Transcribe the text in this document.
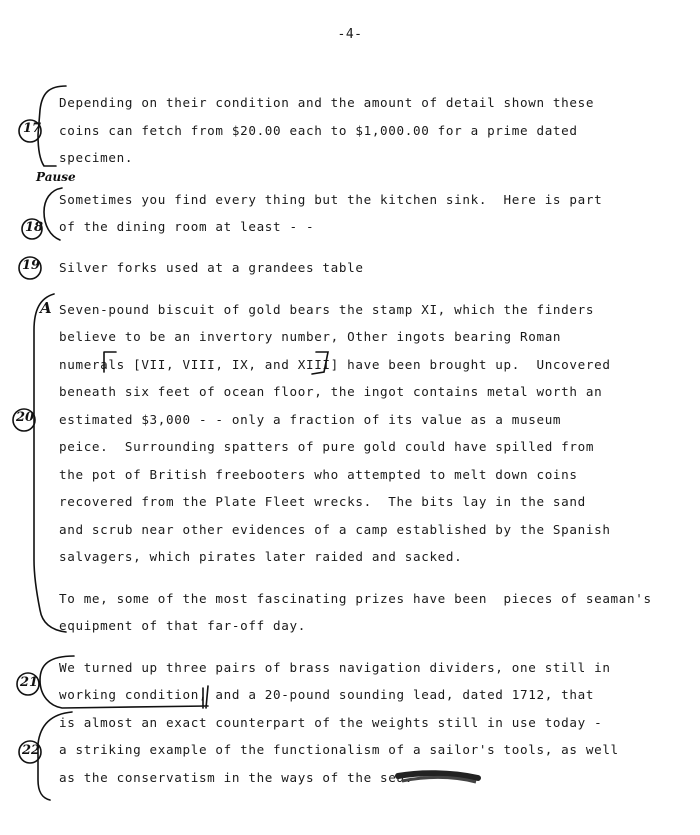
-4-
Depending on their condition and the amount of detail shown these
coins can fetch from $20.00 each to $1,000.00 for a prime dated
specimen.
Sometimes you find every thing but the kitchen sink.  Here is part
of the dining room at least - -
Silver forks used at a grandees table
Seven-pound biscuit of gold bears the stamp XI, which the finders
believe to be an invertory number, Other ingots bearing Roman
numerals [VII, VIII, IX, and XIII] have been brought up.  Uncovered
beneath six feet of ocean floor, the ingot contains metal worth an
estimated $3,000 - - only a fraction of its value as a museum
peice.  Surrounding spatters of pure gold could have spilled from
the pot of British freebooters who attempted to melt down coins
recovered from the Plate Fleet wrecks.  The bits lay in the sand
and scrub near other evidences of a camp established by the Spanish
salvagers, which pirates later raided and sacked.
To me, some of the most fascinating prizes have been  pieces of seaman's
equipment of that far-off day.
We turned up three pairs of brass navigation dividers, one still in
working condition, and a 20-pound sounding lead, dated 1712, that
is almost an exact counterpart of the weights still in use today -
a striking example of the functionalism of a sailor's tools, as well
as the conservatism in the ways of the sea.
17
Pause
18
19
A
20
21
22
